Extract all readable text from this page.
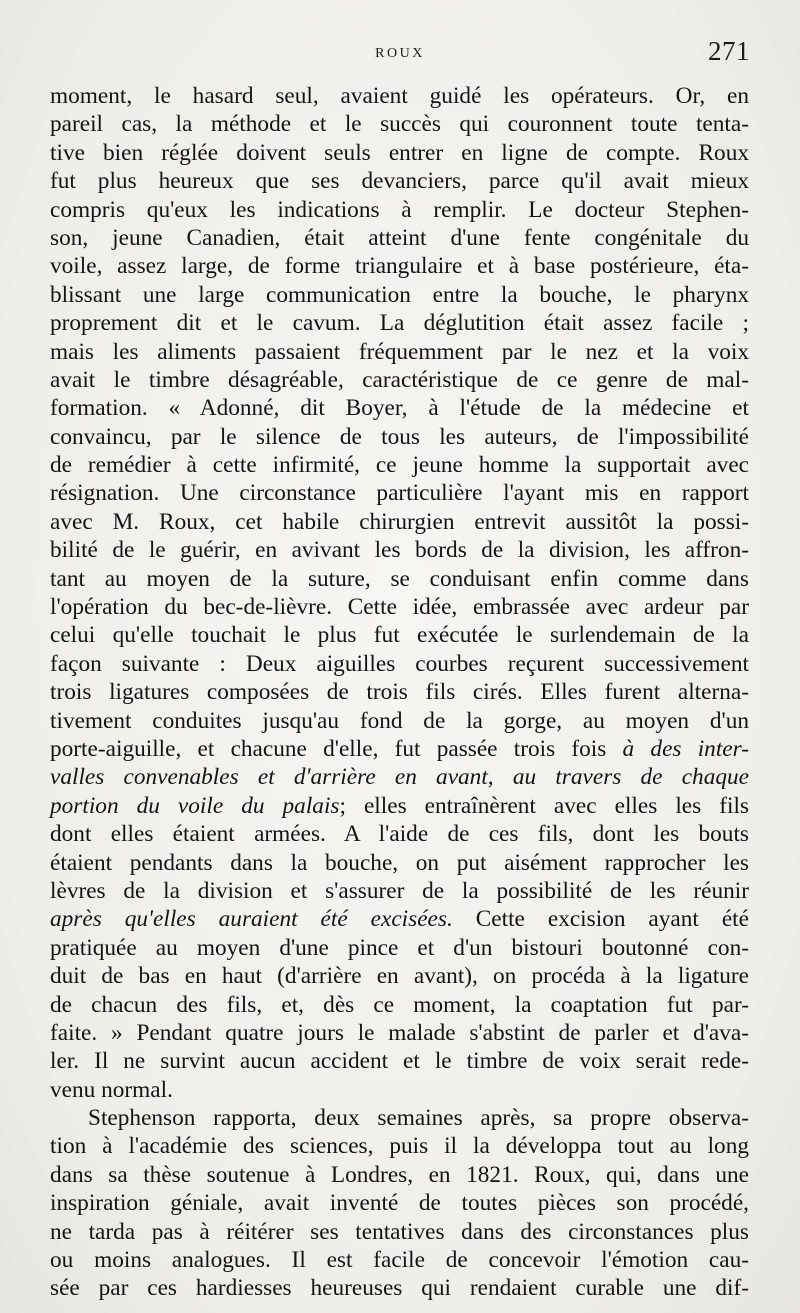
ROUX	271
moment, le hasard seul, avaient guidé les opérateurs. Or, en
pareil cas, la méthode et le succès qui couronnent toute tenta-
tive bien réglée doivent seuls entrer en ligne de compte. Roux
fut plus heureux que ses devanciers, parce qu'il avait mieux
compris qu'eux les indications à remplir. Le docteur Stephen-
son, jeune Canadien, était atteint d'une fente congénitale du
voile, assez large, de forme triangulaire et à base postérieure, éta-
blissant une large communication entre la bouche, le pharynx
proprement dit et le cavum. La déglutition était assez facile ;
mais les aliments passaient fréquemment par le nez et la voix
avait le timbre désagréable, caractéristique de ce genre de mal-
formation. « Adonné, dit Boyer, à l'étude de la médecine et
convaincu, par le silence de tous les auteurs, de l'impossibilité
de remédier à cette infirmité, ce jeune homme la supportait avec
résignation. Une circonstance particulière l'ayant mis en rapport
avec M. Roux, cet habile chirurgien entrevit aussitôt la possi-
bilité de le guérir, en avivant les bords de la division, les affron-
tant au moyen de la suture, se conduisant enfin comme dans
l'opération du bec-de-lièvre. Cette idée, embrassée avec ardeur par
celui qu'elle touchait le plus fut exécutée le surlendemain de la
façon suivante : Deux aiguilles courbes reçurent successivement
trois ligatures composées de trois fils cirés. Elles furent alterna-
tivement conduites jusqu'au fond de la gorge, au moyen d'un
porte-aiguille, et chacune d'elle, fut passée trois fois à des inter-
valles convenables et d'arrière en avant, au travers de chaque
portion du voile du palais; elles entraînèrent avec elles les fils
dont elles étaient armées. A l'aide de ces fils, dont les bouts
étaient pendants dans la bouche, on put aisément rapprocher les
lèvres de la division et s'assurer de la possibilité de les réunir
après qu'elles auraient été excisées. Cette excision ayant été
pratiquée au moyen d'une pince et d'un bistouri boutonné con-
duit de bas en haut (d'arrière en avant), on procéda à la ligature
de chacun des fils, et, dès ce moment, la coaptation fut par-
faite. » Pendant quatre jours le malade s'abstint de parler et d'ava-
ler. Il ne survint aucun accident et le timbre de voix serait rede-
venu normal.
Stephenson rapporta, deux semaines après, sa propre observa-
tion à l'académie des sciences, puis il la développa tout au long
dans sa thèse soutenue à Londres, en 1821. Roux, qui, dans une
inspiration géniale, avait inventé de toutes pièces son procédé,
ne tarda pas à réitérer ses tentatives dans des circonstances plus
ou moins analogues. Il est facile de concevoir l'émotion cau-
sée par ces hardiesses heureuses qui rendaient curable une dif-
